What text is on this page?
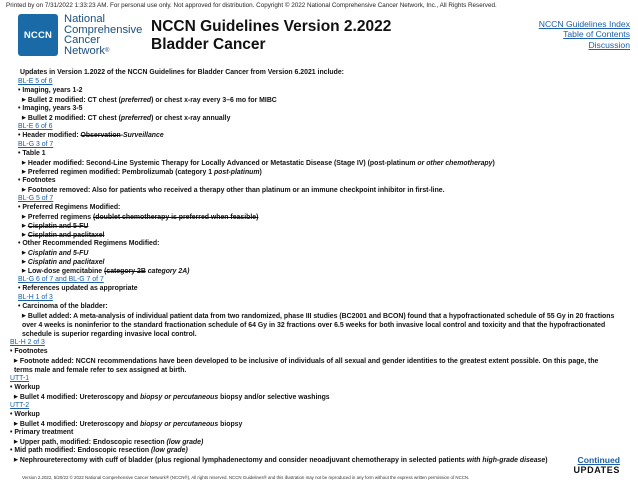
Printed by on 7/31/2022 1:33:23 AM. For personal use only. Not approved for distribution. Copyright © 2022 National Comprehensive Cancer Network, Inc., All Rights Reserved.
NCCN
National
Comprehensive
Cancer
Network®
NCCN Guidelines Version 2.2022
Bladder Cancer
NCCN Guidelines Index
Table of Contents
Discussion
Updates in Version 1.2022 of the NCCN Guidelines for Bladder Cancer from Version 6.2021 include:
BL-E 5 of 6
• Imaging, years 1-2
▶ Bullet 2 modified: CT chest (preferred) or chest x-ray every 3–6 mo for MIBC
• Imaging, years 3-5
▶ Bullet 2 modified: CT chest (preferred) or chest x-ray annually
BL-E 6 of 6
• Header modified: Observation-Surveillance
BL-G 3 of 7
• Table 1
▶ Header modified: Second-Line Systemic Therapy for Locally Advanced or Metastatic Disease (Stage IV) (post-platinum or other chemotherapy)
▶ Preferred regimen modified: Pembrolizumab (category 1 post-platinum)
• Footnotes
▶ Footnote removed: Also for patients who received a therapy other than platinum or an immune checkpoint inhibitor in first-line.
BL-G 5 of 7
• Preferred Regimens Modified:
▶ Preferred regimens (doublet chemotherapy is preferred when feasible)
▶ Cisplatin and 5-FU
▶ Cisplatin and paclitaxel
• Other Recommended Regimens Modified:
▶ Cisplatin and 5-FU
▶ Cisplatin and paclitaxel
▶ Low-dose gemcitabine (category 2B category 2A)
BL-G 6 of 7 and BL-G 7 of 7
• References updated as appropriate
BL-H 1 of 3
• Carcinoma of the bladder:
▶ Bullet added: A meta-analysis of individual patient data from two randomized, phase III studies (BC2001 and BCON) found that a hypofractionated schedule of 55 Gy in 20 fractions over 4 weeks is noninferior to the standard fractionation schedule of 64 Gy in 32 fractions over 6.5 weeks for both invasive local control and toxicity and that the hypofractionated schedule is superior regarding invasive local control.
BL-H 2 of 3
• Footnotes
▶ Footnote added: NCCN recommendations have been developed to be inclusive of individuals of all sexual and gender identities to the greatest extent possible. On this page, the terms male and female refer to sex assigned at birth.
UTT-1
• Workup
▶ Bullet 4 modified: Ureteroscopy and biopsy or percutaneous biopsy and/or selective washings
UTT-2
• Workup
▶ Bullet 4 modified: Ureteroscopy and biopsy or percutaneous biopsy
• Primary treatment
▶ Upper path, modified: Endoscopic resection (low grade)
• Mid path modified: Endoscopic resection (low grade)
▶ Nephroureterectomy with cuff of bladder (plus regional lymphadenectomy and consider neoadjuvant chemotherapy in selected patients with high-grade disease)	Continued
UPDATES
Version 2.2022, 5/20/22 © 2022 National Comprehensive Cancer Network® (NCCN®), All rights reserved. NCCN Guidelines® and this illustration may not be reproduced in any form without the express written permission of NCCN.
